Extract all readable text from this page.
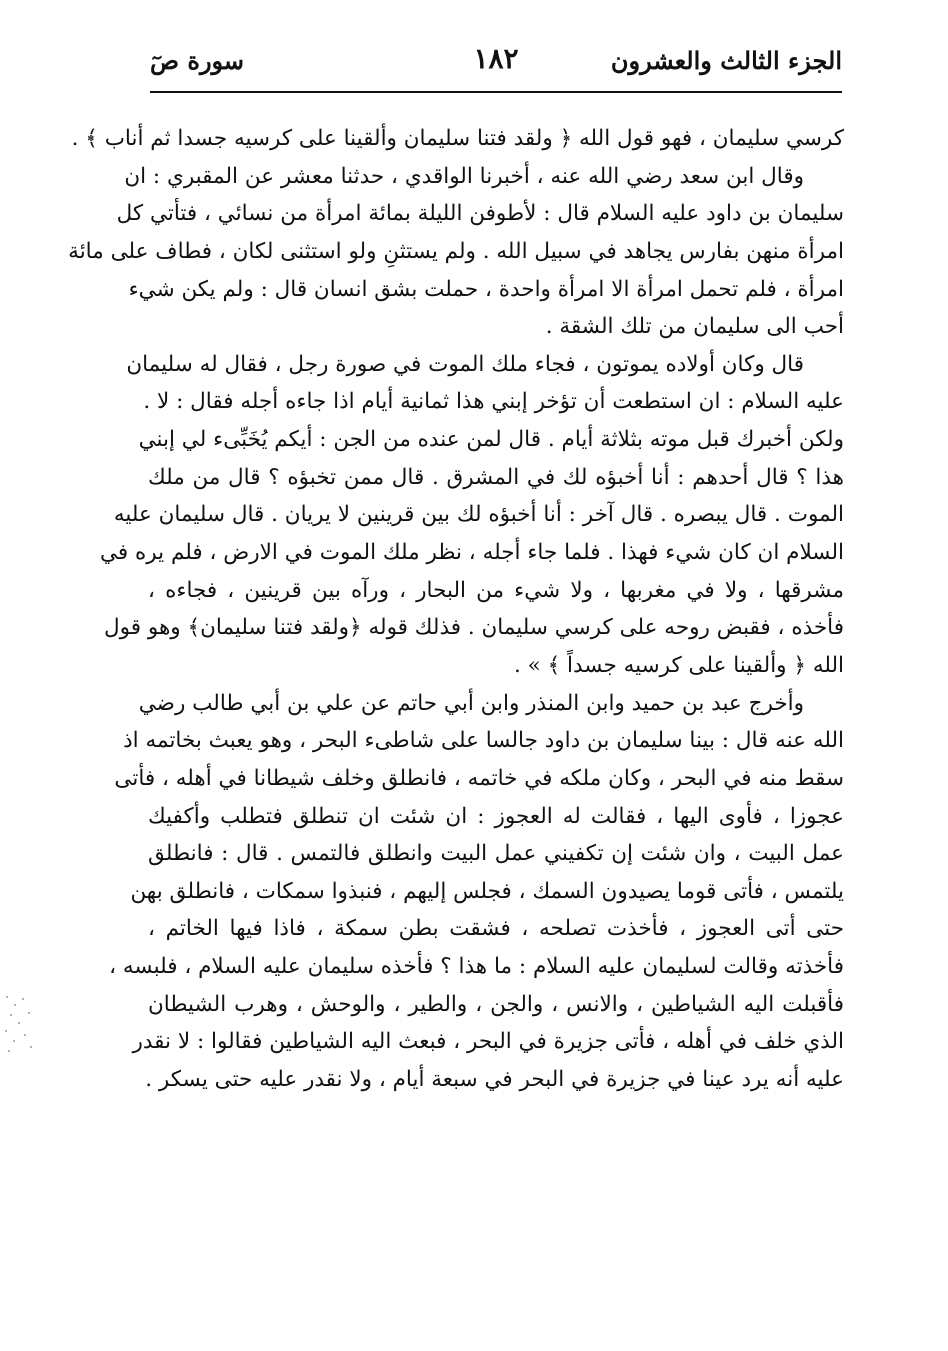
الجزء الثالث والعشرون
١٨٢
سورة صٓ
كرسي سليمان ، فهو قول الله ﴿ ولقد فتنا سليمان وألقينا على كرسيه جسدا ثم أناب ﴾ .
وقال ابن سعد رضي الله عنه ، أخبرنا الواقدي ، حدثنا معشر عن المقبري : ان
سليمان بن داود عليه السلام قال : لأطوفن الليلة بمائة امرأة من نسائي ، فتأتي كل
امرأة منهن بفارس يجاهد في سبيل الله . ولم يستثنِ ولو استثنى لكان ، فطاف على مائة
امرأة ، فلم تحمل امرأة الا امرأة واحدة ، حملت بشق انسان قال : ولم يكن شيء
أحب الى سليمان من تلك الشقة .
قال وكان أولاده يموتون ، فجاء ملك الموت في صورة رجل ، فقال له سليمان
عليه السلام : ان استطعت أن تؤخر إبني هذا ثمانية أيام اذا جاءه أجله فقال : لا .
ولكن أخبرك قبل موته بثلاثة أيام . قال لمن عنده من الجن : أيكم يُخَبِّىء لي إبني
هذا ؟ قال أحدهم : أنا أخبؤه لك في المشرق . قال ممن تخبؤه ؟ قال من ملك
الموت . قال يبصره . قال آخر : أنا أخبؤه لك بين قرينين لا يريان . قال سليمان عليه
السلام ان كان شيء فهذا . فلما جاء أجله ، نظر ملك الموت في الارض ، فلم يره في
مشرقها ، ولا في مغربها ، ولا شيء من البحار ، ورآه بين قرينين ، فجاءه ،
فأخذه ، فقبض روحه على كرسي سليمان . فذلك قوله ﴿ولقد فتنا سليمان﴾ وهو قول
الله ﴿ وألقينا على كرسيه جسداً ﴾ » .
وأخرج عبد بن حميد وابن المنذر وابن أبي حاتم عن علي بن أبي طالب رضي
الله عنه قال : بينا سليمان بن داود جالسا على شاطىء البحر ، وهو يعبث بخاتمه اذ
سقط منه في البحر ، وكان ملكه في خاتمه ، فانطلق وخلف شيطانا في أهله ، فأتى
عجوزا ، فأوى اليها ، فقالت له العجوز : ان شئت ان تنطلق فتطلب وأكفيك
عمل البيت ، وان شئت إن تكفيني عمل البيت وانطلق فالتمس . قال : فانطلق
يلتمس ، فأتى قوما يصيدون السمك ، فجلس إليهم ، فنبذوا سمكات ، فانطلق بهن
حتى أتى العجوز ، فأخذت تصلحه ، فشقت بطن سمكة ، فاذا فيها الخاتم ،
فأخذته وقالت لسليمان عليه السلام : ما هذا ؟ فأخذه سليمان عليه السلام ، فلبسه ،
فأقبلت اليه الشياطين ، والانس ، والجن ، والطير ، والوحش ، وهرب الشيطان
الذي خلف في أهله ، فأتى جزيرة في البحر ، فبعث اليه الشياطين فقالوا : لا نقدر
عليه أنه يرد عينا في جزيرة في البحر في سبعة أيام ، ولا نقدر عليه حتى يسكر .
